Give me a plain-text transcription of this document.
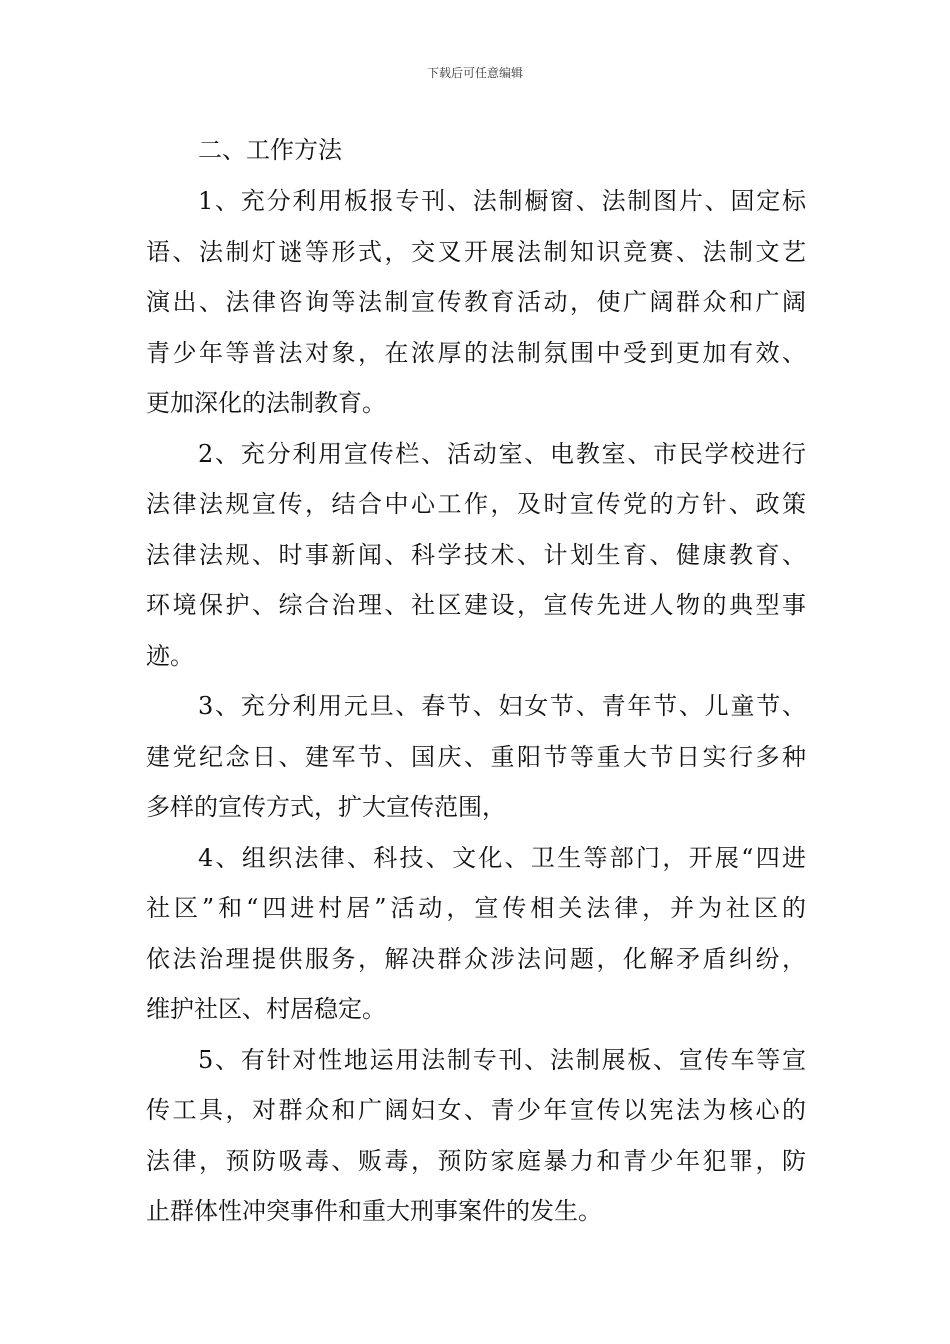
下载后可任意编辑
二、工作方法
1、充分利用板报专刊、法制橱窗、法制图片、固定标
语、法制灯谜等形式，交叉开展法制知识竞赛、法制文艺
演出、法律咨询等法制宣传教育活动，使广阔群众和广阔
青少年等普法对象，在浓厚的法制氛围中受到更加有效、
更加深化的法制教育。
2、充分利用宣传栏、活动室、电教室、市民学校进行
法律法规宣传，结合中心工作，及时宣传党的方针、政策
法律法规、时事新闻、科学技术、计划生育、健康教育、
环境保护、综合治理、社区建设，宣传先进人物的典型事
迹。
3、充分利用元旦、春节、妇女节、青年节、儿童节、
建党纪念日、建军节、国庆、重阳节等重大节日实行多种
多样的宣传方式，扩大宣传范围，
4、组织法律、科技、文化、卫生等部门，开展“四进
社区”和“四进村居”活动，宣传相关法律，并为社区的
依法治理提供服务，解决群众涉法问题，化解矛盾纠纷，
维护社区、村居稳定。
5、有针对性地运用法制专刊、法制展板、宣传车等宣
传工具，对群众和广阔妇女、青少年宣传以宪法为核心的
法律，预防吸毒、贩毒，预防家庭暴力和青少年犯罪，防
止群体性冲突事件和重大刑事案件的发生。
